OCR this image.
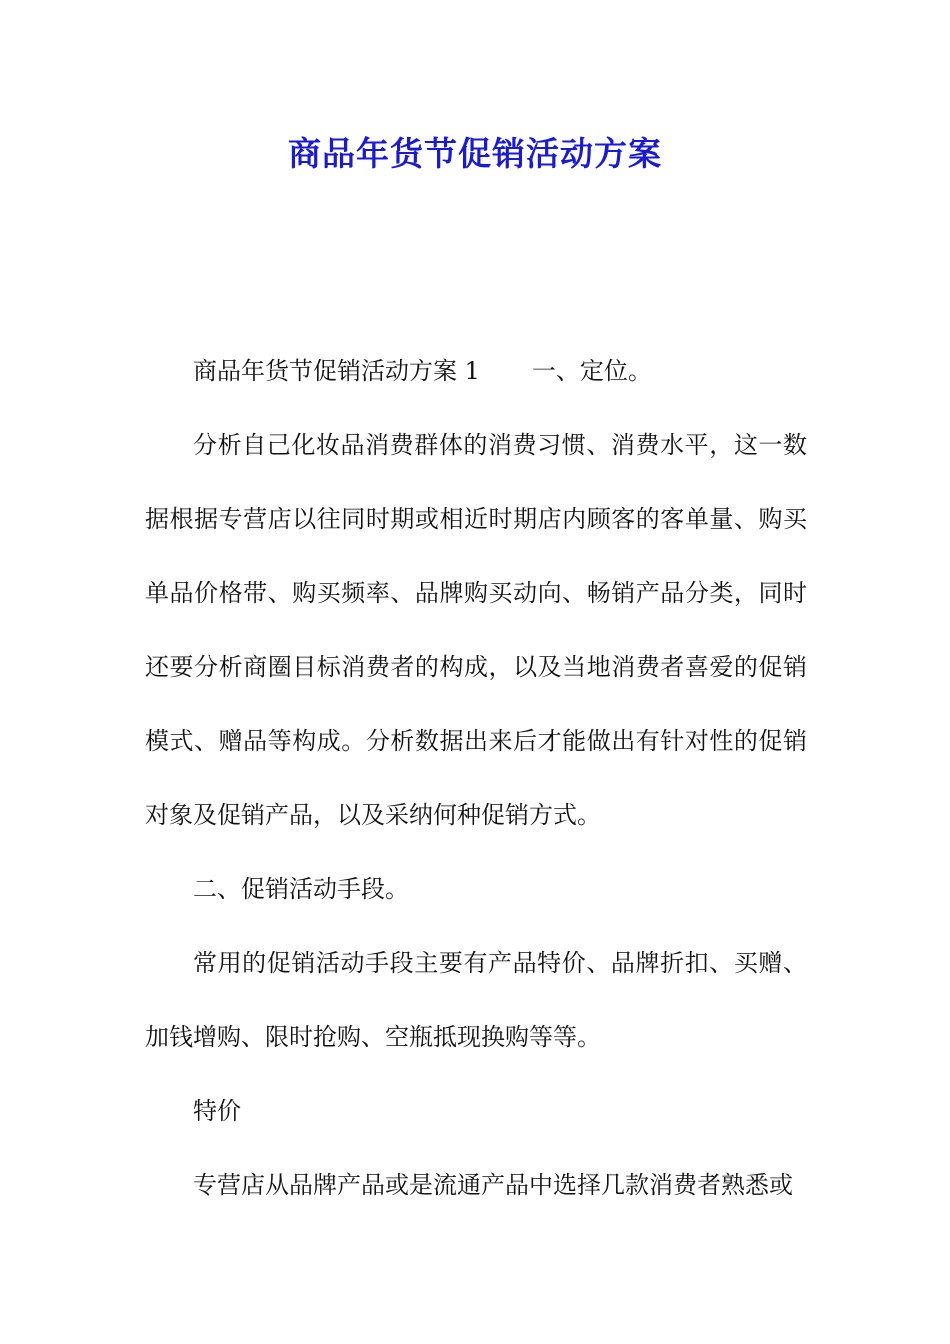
商品年货节促销活动方案

商品年货节促销活动方案 1 一、定位。

分析自己化妆品消费群体的消费习惯、消费水平，这一数据根据专营店以往同时期或相近时期店内顾客的客单量、购买单品价格带、购买频率、品牌购买动向、畅销产品分类，同时还要分析商圈目标消费者的构成，以及当地消费者喜爱的促销模式、赠品等构成。分析数据出来后才能做出有针对性的促销对象及促销产品，以及采纳何种促销方式。

二、促销活动手段。

常用的促销活动手段主要有产品特价、品牌折扣、买赠、加钱增购、限时抢购、空瓶抵现换购等等。

特价

专营店从品牌产品或是流通产品中选择几款消费者熟悉或
